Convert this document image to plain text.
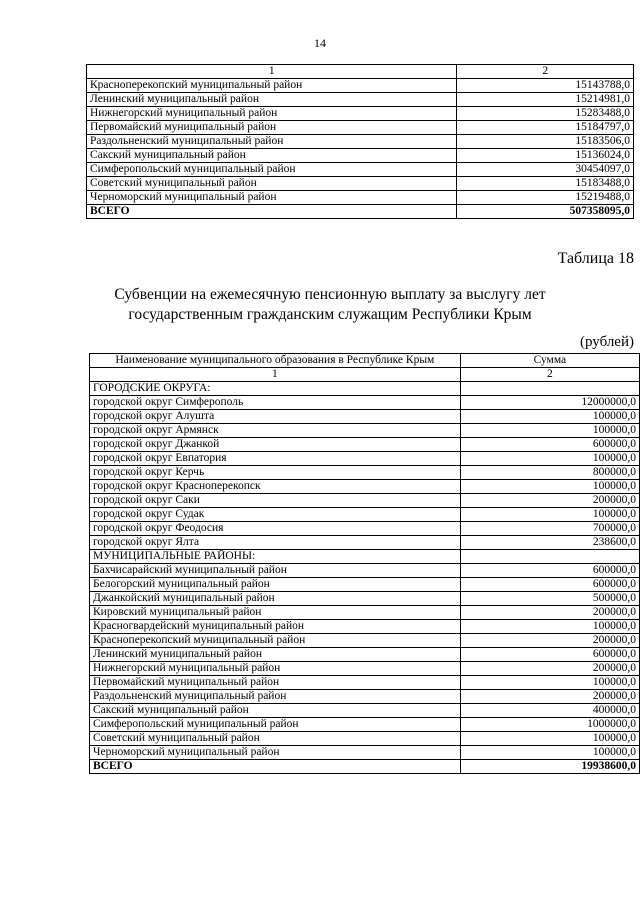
14
1	2
Красноперекопский муниципальный район	15143788,0
Ленинский муниципальный район	15214981,0
Нижнегорский муниципальный район	15283488,0
Первомайский муниципальный район	15184797,0
Раздольненский муниципальный район	15183506,0
Сакский муниципальный район	15136024,0
Симферопольский муниципальный район	30454097,0
Советский муниципальный район	15183488,0
Черноморский муниципальный район	15219488,0
ВСЕГО	507358095,0
Таблица 18
Субвенции на ежемесячную пенсионную выплату за выслугу лет государственным гражданским служащим Республики Крым
(рублей)
Наименование муниципального образования в Республике Крым	Сумма
1	2
ГОРОДСКИЕ ОКРУГА:	
городской округ Симферополь	12000000,0
городской округ Алушта	100000,0
городской округ Армянск	100000,0
городской округ Джанкой	600000,0
городской округ Евпатория	100000,0
городской округ Керчь	800000,0
городской округ Красноперекопск	100000,0
городской округ Саки	200000,0
городской округ Судак	100000,0
городской округ Феодосия	700000,0
городской округ Ялта	238600,0
МУНИЦИПАЛЬНЫЕ РАЙОНЫ:	
Бахчисарайский муниципальный район	600000,0
Белогорский муниципальный район	600000,0
Джанкойский муниципальный район	500000,0
Кировский муниципальный район	200000,0
Красногвардейский муниципальный район	100000,0
Красноперекопский муниципальный район	200000,0
Ленинский муниципальный район	600000,0
Нижнегорский муниципальный район	200000,0
Первомайский муниципальный район	100000,0
Раздольненский муниципальный район	200000,0
Сакский муниципальный район	400000,0
Симферопольский муниципальный район	1000000,0
Советский муниципальный район	100000,0
Черноморский муниципальный район	100000,0
ВСЕГО	19938600,0
